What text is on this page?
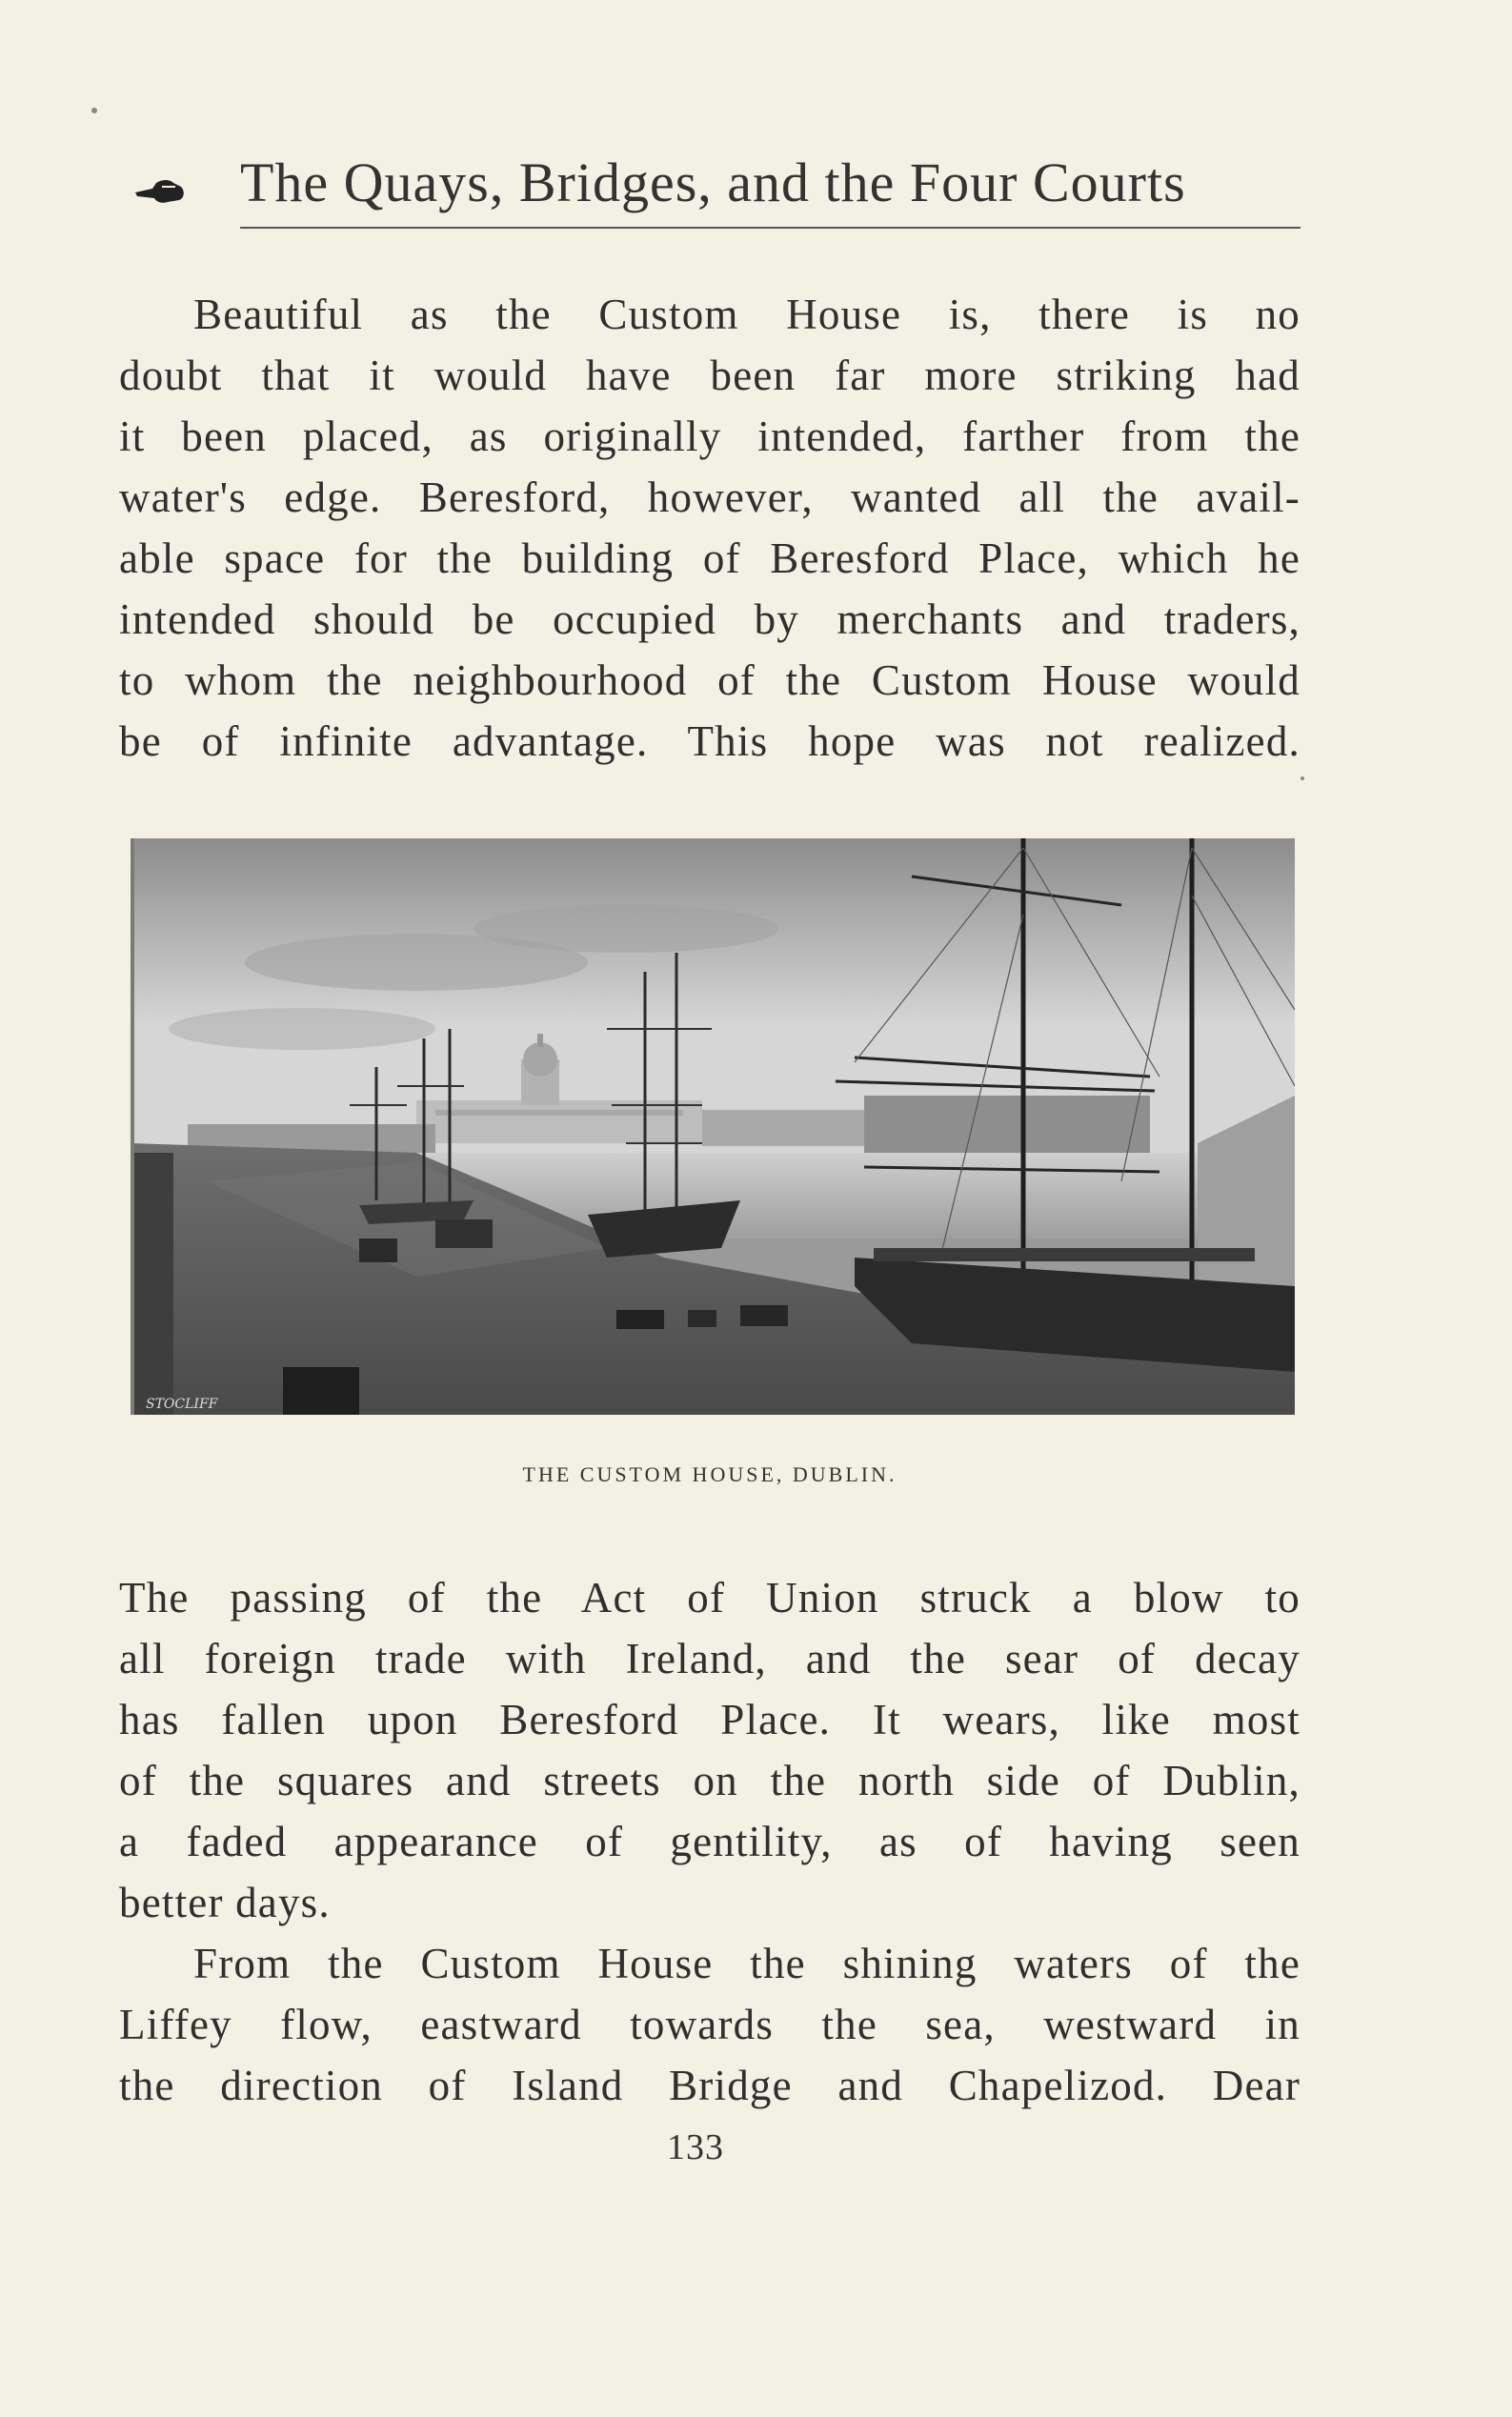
The Quays, Bridges, and the Four Courts
Beautiful as the Custom House is, there is no
doubt that it would have been far more striking had
it been placed, as originally intended, farther from the
water's edge. Beresford, however, wanted all the avail-
able space for the building of Beresford Place, which he
intended should be occupied by merchants and traders,
to whom the neighbourhood of the Custom House would
be of infinite advantage. This hope was not realized.
STOCLIFF
THE CUSTOM HOUSE, DUBLIN.
The passing of the Act of Union struck a blow to
all foreign trade with Ireland, and the sear of decay
has fallen upon Beresford Place. It wears, like most
of the squares and streets on the north side of Dublin,
a faded appearance of gentility, as of having seen
better days.
From the Custom House the shining waters of the
Liffey flow, eastward towards the sea, westward in
the direction of Island Bridge and Chapelizod. Dear
133
